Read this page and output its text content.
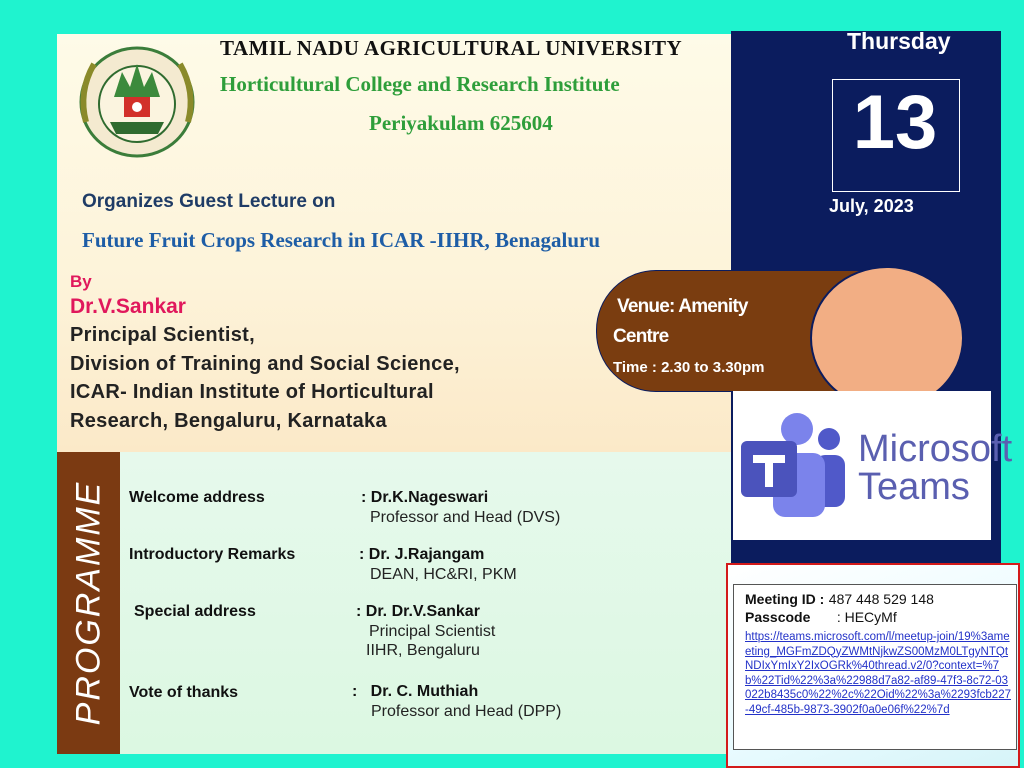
TAMIL NADU AGRICULTURAL UNIVERSITY
Horticultural College and Research Institute
Periyakulam 625604
Organizes Guest Lecture on
Future Fruit Crops Research in ICAR -IIHR, Benagaluru
By
Dr.V.Sankar
Principal Scientist,
Division of Training and Social Science,
ICAR- Indian Institute of Horticultural
Research, Bengaluru, Karnataka
Thursday
13
July, 2023
Venue: Amenity
Centre
Time : 2.30 to 3.30pm
Microsoft
Teams
PROGRAMME Welcome address	: Dr.K.Nageswari
Professor and Head (DVS)
Introductory Remarks	: Dr. J.Rajangam
DEAN, HC&RI, PKM
Special address	: Dr. Dr.V.Sankar
Principal Scientist
IIHR, Bengaluru
Vote of thanks	:   Dr. C. Muthiah
Professor and Head (DPP)
Meeting ID : 487 448 529 148
Passcode : HECyMf
https://teams.microsoft.com/l/meetup-join/19%3ameeting_MGFmZDQyZWMtNjkwZS00MzM0LTgyNTQtNDIxYmIxY2IxOGRk%40thread.v2/0?context=%7b%22Tid%22%3a%22988d7a82-af89-47f3-8c72-03022b8435c0%22%2c%22Oid%22%3a%2293fcb227-49cf-485b-9873-3902f0a0e06f%22%7d
